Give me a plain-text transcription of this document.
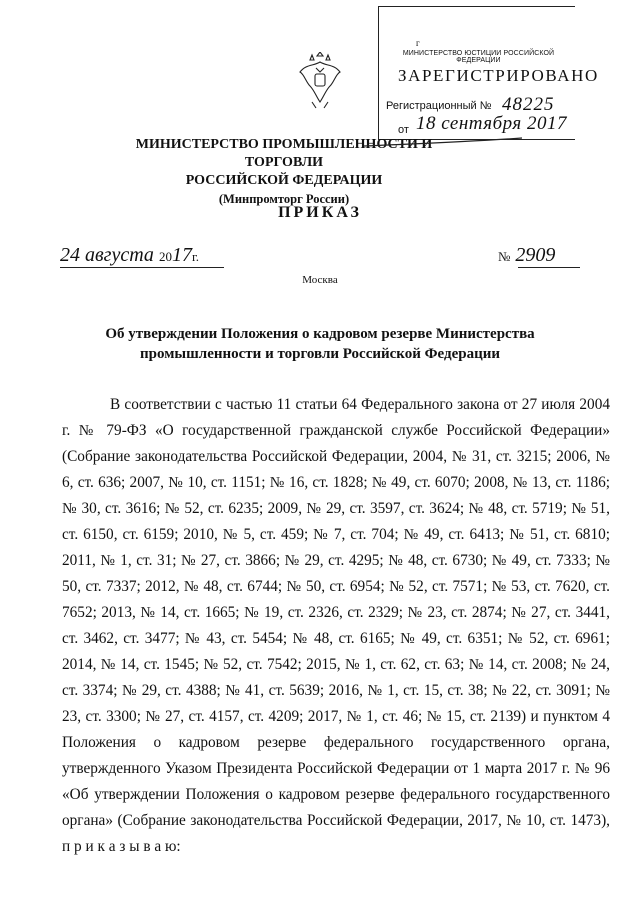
г
МИНИСТЕРСТВО ЮСТИЦИИ РОССИЙСКОЙ ФЕДЕРАЦИИ
ЗАРЕГИСТРИРОВАНО
Регистрационный № 48225
от 18 сентября 2017
МИНИСТЕРСТВО ПРОМЫШЛЕННОСТИ И ТОРГОВЛИ
РОССИЙСКОЙ ФЕДЕРАЦИИ
(Минпромторг России)
ПРИКАЗ
24 августа 2017г.	№ 2909
Москва
Об утверждении Положения о кадровом резерве Министерства
промышленности и торговли Российской Федерации

В соответствии с частью 11 статьи 64 Федерального закона от 27 июля 2004 г. № 79-ФЗ «О государственной гражданской службе Российской Федерации» (Собрание законодательства Российской Федерации, 2004, № 31, ст. 3215; 2006, № 6, ст. 636; 2007, № 10, ст. 1151; № 16, ст. 1828; № 49, ст. 6070; 2008, № 13, ст. 1186; № 30, ст. 3616; № 52, ст. 6235; 2009, № 29, ст. 3597, ст. 3624; № 48, ст. 5719; № 51, ст. 6150, ст. 6159; 2010, № 5, ст. 459; № 7, ст. 704; № 49, ст. 6413; № 51, ст. 6810; 2011, № 1, ст. 31; № 27, ст. 3866; № 29, ст. 4295; № 48, ст. 6730; № 49, ст. 7333; № 50, ст. 7337; 2012, № 48, ст. 6744; № 50, ст. 6954; № 52, ст. 7571; № 53, ст. 7620, ст. 7652; 2013, № 14, ст. 1665; № 19, ст. 2326, ст. 2329; № 23, ст. 2874; № 27, ст. 3441, ст. 3462, ст. 3477; № 43, ст. 5454; № 48, ст. 6165; № 49, ст. 6351; № 52, ст. 6961; 2014, № 14, ст. 1545; № 52, ст. 7542; 2015, № 1, ст. 62, ст. 63; № 14, ст. 2008; № 24, ст. 3374; № 29, ст. 4388; № 41, ст. 5639; 2016, № 1, ст. 15, ст. 38; № 22, ст. 3091; № 23, ст. 3300; № 27, ст. 4157, ст. 4209; 2017, № 1, ст. 46; № 15, ст. 2139) и пунктом 4 Положения о кадровом резерве федерального государственного органа, утвержденного Указом Президента Российской Федерации от 1 марта 2017 г. № 96 «Об утверждении Положения о кадровом резерве федерального государственного органа» (Собрание законодательства Российской Федерации, 2017, № 10, ст. 1473), п р и к а з ы в а ю:
